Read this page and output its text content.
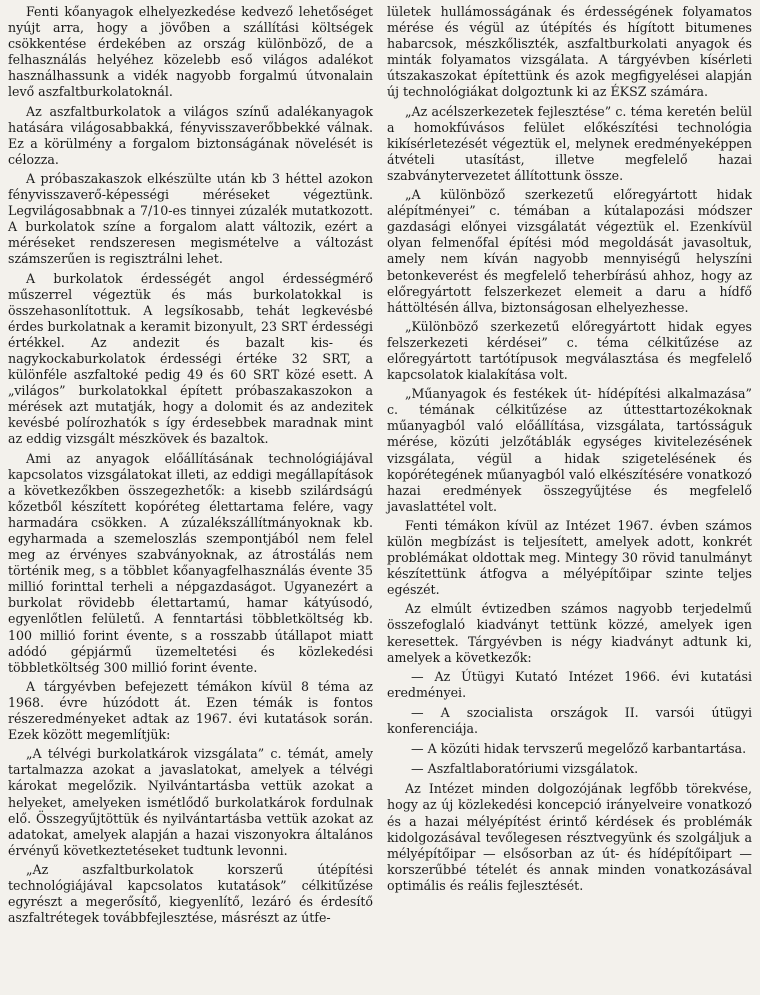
Fenti kőanyagok elhelyezkedése kedvező lehetőséget nyújt arra, hogy a jövőben a szállítási költségek csökkentése érdekében az ország különböző, de a felhasználás helyéhez közelebb eső világos adalékot használhassunk a vidék nagyobb forgalmú útvonalain levő aszfaltburkolatoknál.

Az aszfaltburkolatok a világos színű adalékanyagok hatására világosabbakká, fényvisszaverőbbekké válnak. Ez a körülmény a forgalom biztonságának növelését is célozza.

A próbaszakaszok elkészülte után kb 3 héttel azokon fényvisszaverő-képességi méréseket végeztünk. Legvilágosabbnak a 7/10-es tinnyei zúzalék mutatkozott. A burkolatok színe a forgalom alatt változik, ezért a méréseket rendszeresen megismételve a változást számszerűen is regisztrálni lehet.

A burkolatok érdességét angol érdességmérő műszerrel végeztük és más burkolatokkal is összehasonlítottuk. A legsíkosabb, tehát legkevésbé érdes burkolatnak a keramit bizonyult, 23 SRT érdességi értékkel. Az andezit és bazalt kis- és nagykockaburkolatok érdességi értéke 32 SRT, a különféle aszfaltoké pedig 49 és 60 SRT közé esett. A „világos” burkolatokkal épített próbaszakaszokon a mérések azt mutatják, hogy a dolomit és az andezitek kevésbé polírozhatók s így érdesebbek maradnak mint az eddig vizsgált mészkövek és bazaltok.

Ami az anyagok előállításának technológiájával kapcsolatos vizsgálatokat illeti, az eddigi megállapítások a következőkben összegezhetők: a kisebb szilárdságú kőzetből készített kopóréteg élettartama felére, vagy harmadára csökken. A zúzalékszállítmányoknak kb. egyharmada a szemeloszlás szempontjából nem felel meg az érvényes szabványoknak, az átrostálás nem történik meg, s a többlet kőanyagfelhasználás évente 35 millió forinttal terheli a népgazdaságot. Ugyanezért a burkolat rövidebb élettartamú, hamar kátyúsodó, egyenlőtlen felületű. A fenntartási többletköltség kb. 100 millió forint évente, s a rosszabb útállapot miatt adódó gépjármű üzemeltetési és közlekedési többletköltség 300 millió forint évente.

A tárgyévben befejezett témákon kívül 8 téma az 1968. évre húzódott át. Ezen témák is fontos részeredményeket adtak az 1967. évi kutatások során. Ezek között megemlítjük:

„A télvégi burkolatkárok vizsgálata” c. témát, amely tartalmazza azokat a javaslatokat, amelyek a télvégi károkat megelőzik. Nyilvántartásba vettük azokat a helyeket, amelyeken ismétlődő burkolatkárok fordulnak elő. Összegyűjtöttük és nyilvántartásba vettük azokat az adatokat, amelyek alapján a hazai viszonyokra általános érvényű következtetéseket tudtunk levonni.

„Az aszfaltburkolatok korszerű útépítési technológiájával kapcsolatos kutatások” célkitűzése egyrészt a megerősítő, kiegyenlítő, lezáró és érdesítő aszfaltrétegek továbbfejlesztése, másrészt az útfe-

lületek hullámosságának és érdességének folyamatos mérése és végül az útépítés és hígított bitumenes habarcsok, mészkőliszték, aszfaltburkolati anyagok és minták folyamatos vizsgálata. A tárgyévben kísérleti útszakaszokat építettünk és azok megfigyelései alapján új technológiákat dolgoztunk ki az ÉKSZ számára.

„Az acélszerkezetek fejlesztése” c. téma keretén belül a homokfúvásos felület előkészítési technológia kikísérletezését végeztük el, melynek eredményeképpen átvételi utasítást, illetve megfelelő hazai szabványtervezetet állítottunk össze.

„A különböző szerkezetű előregyártott hidak alépítményei” c. témában a kútalapozási módszer gazdasági előnyei vizsgálatát végeztük el. Ezenkívül olyan felmenőfal építési mód megoldását javasoltuk, amely nem kíván nagyobb mennyiségű helyszíni betonkeverést és megfelelő teherbírású ahhoz, hogy az előregyártott felszerkezet elemeit a daru a hídfő háttöltésén állva, biztonságosan elhelyezhesse.

„Különböző szerkezetű előregyártott hidak egyes felszerkezeti kérdései” c. téma célkitűzése az előregyártott tartótípusok megválasztása és megfelelő kapcsolatok kialakítása volt.

„Műanyagok és festékek út- hídépítési alkalmazása” c. témának célkitűzése az úttesttartozékoknak műanyagból való előállítása, vizsgálata, tartósságuk mérése, közúti jelzőtáblák egységes kivitelezésének vizsgálata, végül a hidak szigetelésének és kopórétegének műanyagból való elkészítésére vonatkozó hazai eredmények összegyűjtése és megfelelő javaslattétel volt.

Fenti témákon kívül az Intézet 1967. évben számos külön megbízást is teljesített, amelyek adott, konkrét problémákat oldottak meg. Mintegy 30 rövid tanulmányt készítettünk átfogva a mélyépítőipar szinte teljes egészét.

Az elmúlt évtizedben számos nagyobb terjedelmű összefoglaló kiadványt tettünk közzé, amelyek igen keresettek. Tárgyévben is négy kiadványt adtunk ki, amelyek a következők:

— Az Útügyi Kutató Intézet 1966. évi kutatási eredményei.

— A szocialista országok II. varsói útügyi konferenciája.

— A közúti hidak tervszerű megelőző karbantartása.

— Aszfaltlaboratóriumi vizsgálatok.

Az Intézet minden dolgozójának legfőbb törekvése, hogy az új közlekedési koncepció irányelveire vonatkozó és a hazai mélyépítést érintő kérdések és problémák kidolgozásával tevőlegesen résztvegyünk és szolgáljuk a mélyépítőipar — elsősorban az út- és hídépítőipart — korszerűbbé tételét és annak minden vonatkozásával optimális és reális fejlesztését.
